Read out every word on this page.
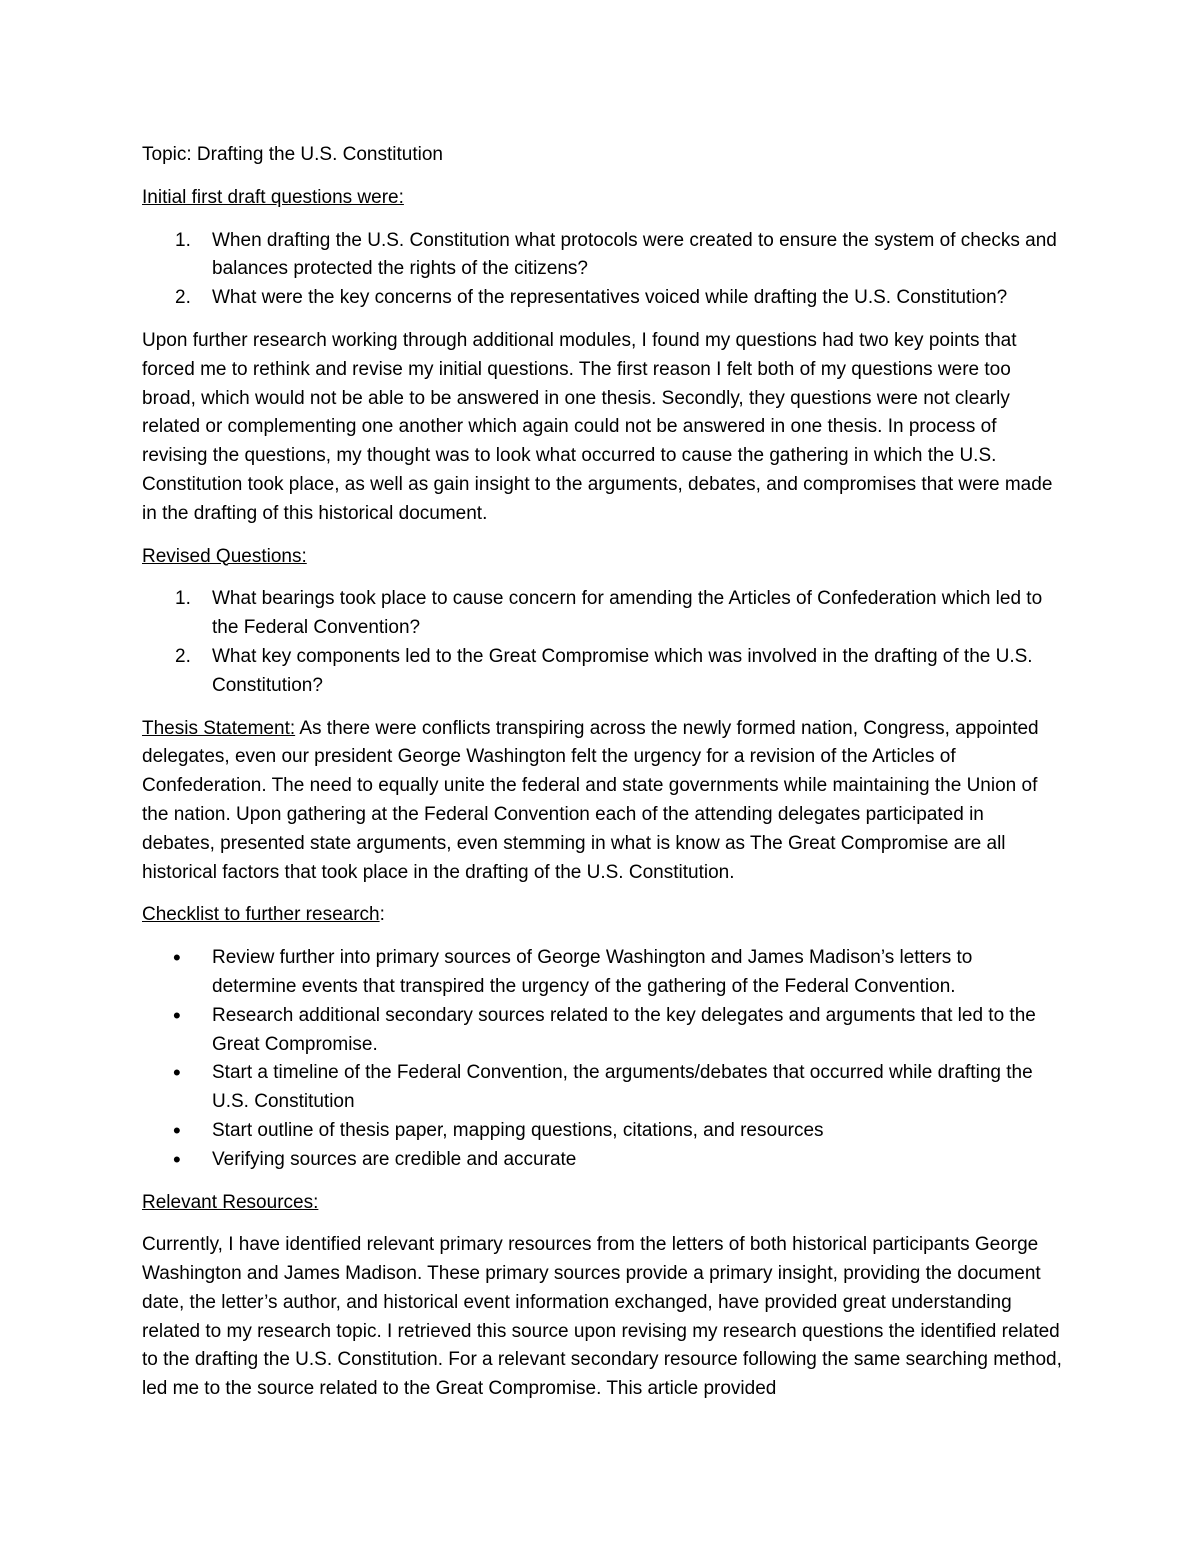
Topic: Drafting the U.S. Constitution

Initial first draft questions were:

1. When drafting the U.S. Constitution what protocols were created to ensure the system of checks and balances protected the rights of the citizens?
2. What were the key concerns of the representatives voiced while drafting the U.S. Constitution?

Upon further research working through additional modules, I found my questions had two key points that forced me to rethink and revise my initial questions. The first reason I felt both of my questions were too broad, which would not be able to be answered in one thesis. Secondly, they questions were not clearly related or complementing one another which again could not be answered in one thesis. In process of revising the questions, my thought was to look what occurred to cause the gathering in which the U.S. Constitution took place, as well as gain insight to the arguments, debates, and compromises that were made in the drafting of this historical document.

Revised Questions:

1. What bearings took place to cause concern for amending the Articles of Confederation which led to the Federal Convention?
2. What key components led to the Great Compromise which was involved in the drafting of the U.S. Constitution?

Thesis Statement: As there were conflicts transpiring across the newly formed nation, Congress, appointed delegates, even our president George Washington felt the urgency for a revision of the Articles of Confederation. The need to equally unite the federal and state governments while maintaining the Union of the nation. Upon gathering at the Federal Convention each of the attending delegates participated in debates, presented state arguments, even stemming in what is know as The Great Compromise are all historical factors that took place in the drafting of the U.S. Constitution.

Checklist to further research:

• Review further into primary sources of George Washington and James Madison’s letters to determine events that transpired the urgency of the gathering of the Federal Convention.
• Research additional secondary sources related to the key delegates and arguments that led to the Great Compromise.
• Start a timeline of the Federal Convention, the arguments/debates that occurred while drafting the U.S. Constitution
• Start outline of thesis paper, mapping questions, citations, and resources
• Verifying sources are credible and accurate

Relevant Resources:

Currently, I have identified relevant primary resources from the letters of both historical participants George Washington and James Madison. These primary sources provide a primary insight, providing the document date, the letter’s author, and historical event information exchanged, have provided great understanding related to my research topic. I retrieved this source upon revising my research questions the identified related to the drafting the U.S. Constitution. For a relevant secondary resource following the same searching method, led me to the source related to the Great Compromise. This article provided
